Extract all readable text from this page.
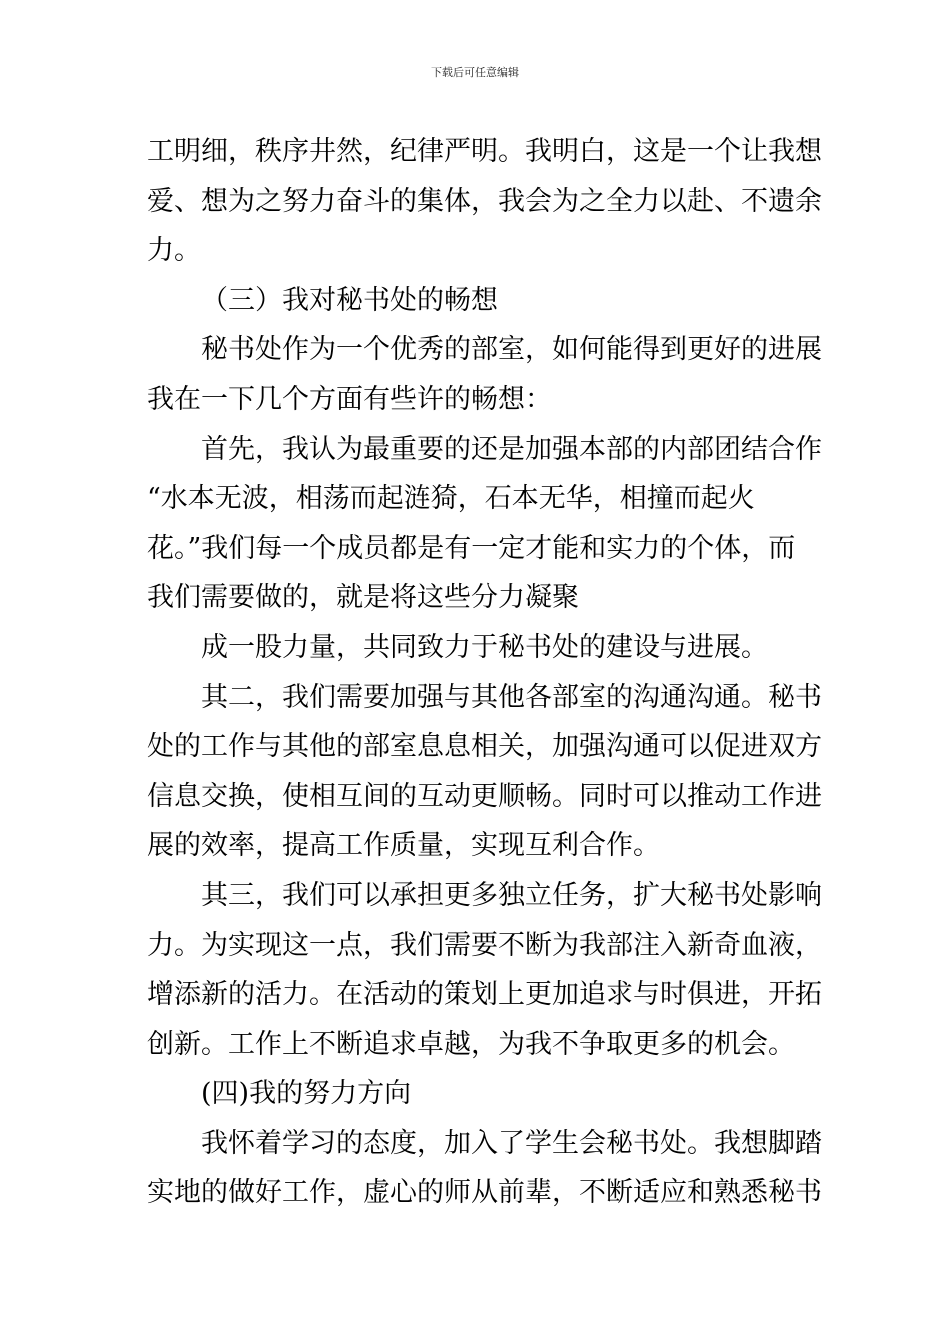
下载后可任意编辑
工明细，秩序井然，纪律严明。我明白，这是一个让我想
爱、想为之努力奋斗的集体，我会为之全力以赴、不遗余
力。
（三）我对秘书处的畅想
秘书处作为一个优秀的部室，如何能得到更好的进展
我在一下几个方面有些许的畅想：
首先，我认为最重要的还是加强本部的内部团结合作
“水本无波，相荡而起涟猗，石本无华，相撞而起火
花。”我们每一个成员都是有一定才能和实力的个体，而
我们需要做的，就是将这些分力凝聚
成一股力量，共同致力于秘书处的建设与进展。
其二，我们需要加强与其他各部室的沟通沟通。秘书
处的工作与其他的部室息息相关，加强沟通可以促进双方
信息交换，使相互间的互动更顺畅。同时可以推动工作进
展的效率，提高工作质量，实现互利合作。
其三，我们可以承担更多独立任务，扩大秘书处影响
力。为实现这一点，我们需要不断为我部注入新奇血液，
增添新的活力。在活动的策划上更加追求与时俱进，开拓
创新。工作上不断追求卓越，为我不争取更多的机会。
(四)我的努力方向
我怀着学习的态度，加入了学生会秘书处。我想脚踏
实地的做好工作，虚心的师从前辈，不断适应和熟悉秘书
